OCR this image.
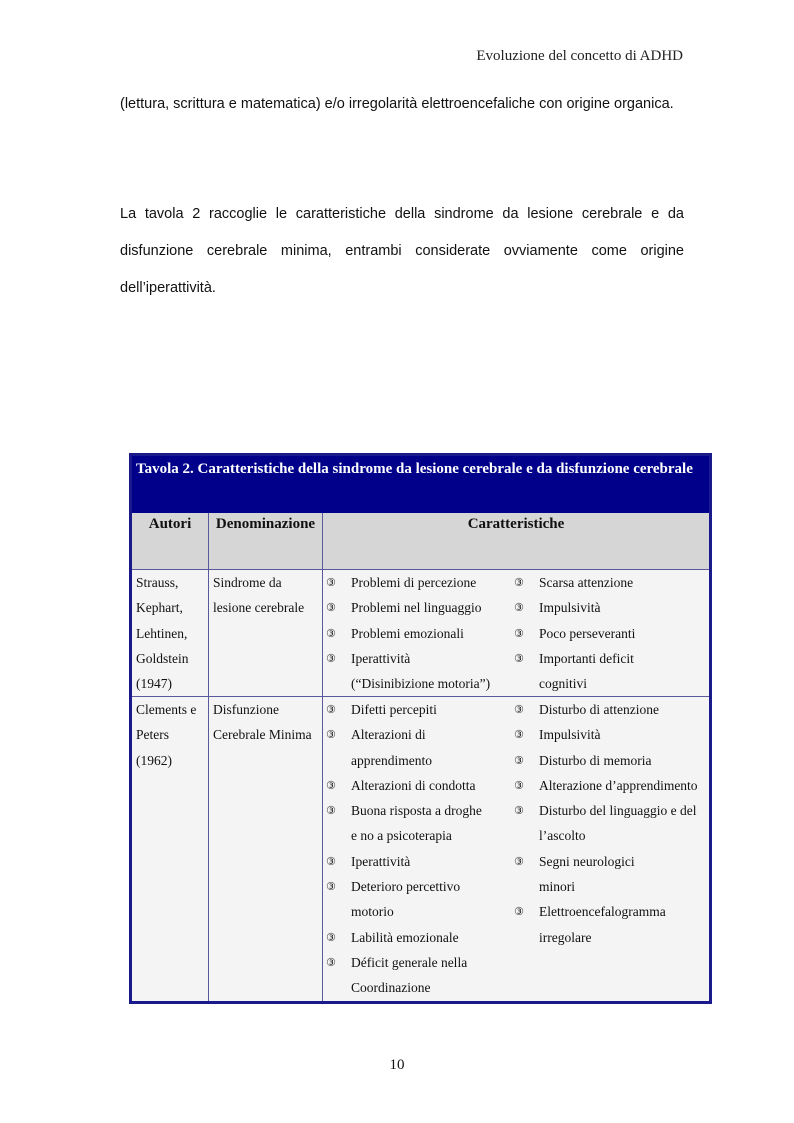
Evoluzione del concetto di ADHD
(lettura, scrittura e matematica) e/o irregolarità elettroencefaliche con origine organica.
La tavola 2 raccoglie le caratteristiche della sindrome da lesione cerebrale e da disfunzione cerebrale minima, entrambi considerate ovviamente come origine dell’iperattività.
Tavola 2. Caratteristiche della sindrome da lesione cerebrale e da disfunzione cerebrale
Autori	Denominazione	Caratteristiche
Strauss,
Kephart,
Lehtinen,
Goldstein
(1947)
Sindrome da
lesione cerebrale
③ Problemi di percezione
③ Problemi nel linguaggio
③ Problemi emozionali
③ Iperattività
(“Disinibizione motoria”)
③ Scarsa attenzione
③ Impulsività
③ Poco perseveranti
③ Importanti deficit
cognitivi
Clements e
Peters
(1962)
Disfunzione
Cerebrale Minima
③ Difetti percepiti
③ Alterazioni di
apprendimento
③ Alterazioni di condotta
③ Buona risposta a droghe
e no a psicoterapia
③ Iperattività
③ Deterioro percettivo
motorio
③ Labilità emozionale
③ Déficit generale nella
Coordinazione
③ Disturbo di attenzione
③ Impulsività
③ Disturbo di memoria
③ Alterazione d’apprendimento
③ Disturbo del linguaggio e del
l’ascolto
③ Segni neurologici
minori
③ Elettroencefalogramma
irregolare
10
